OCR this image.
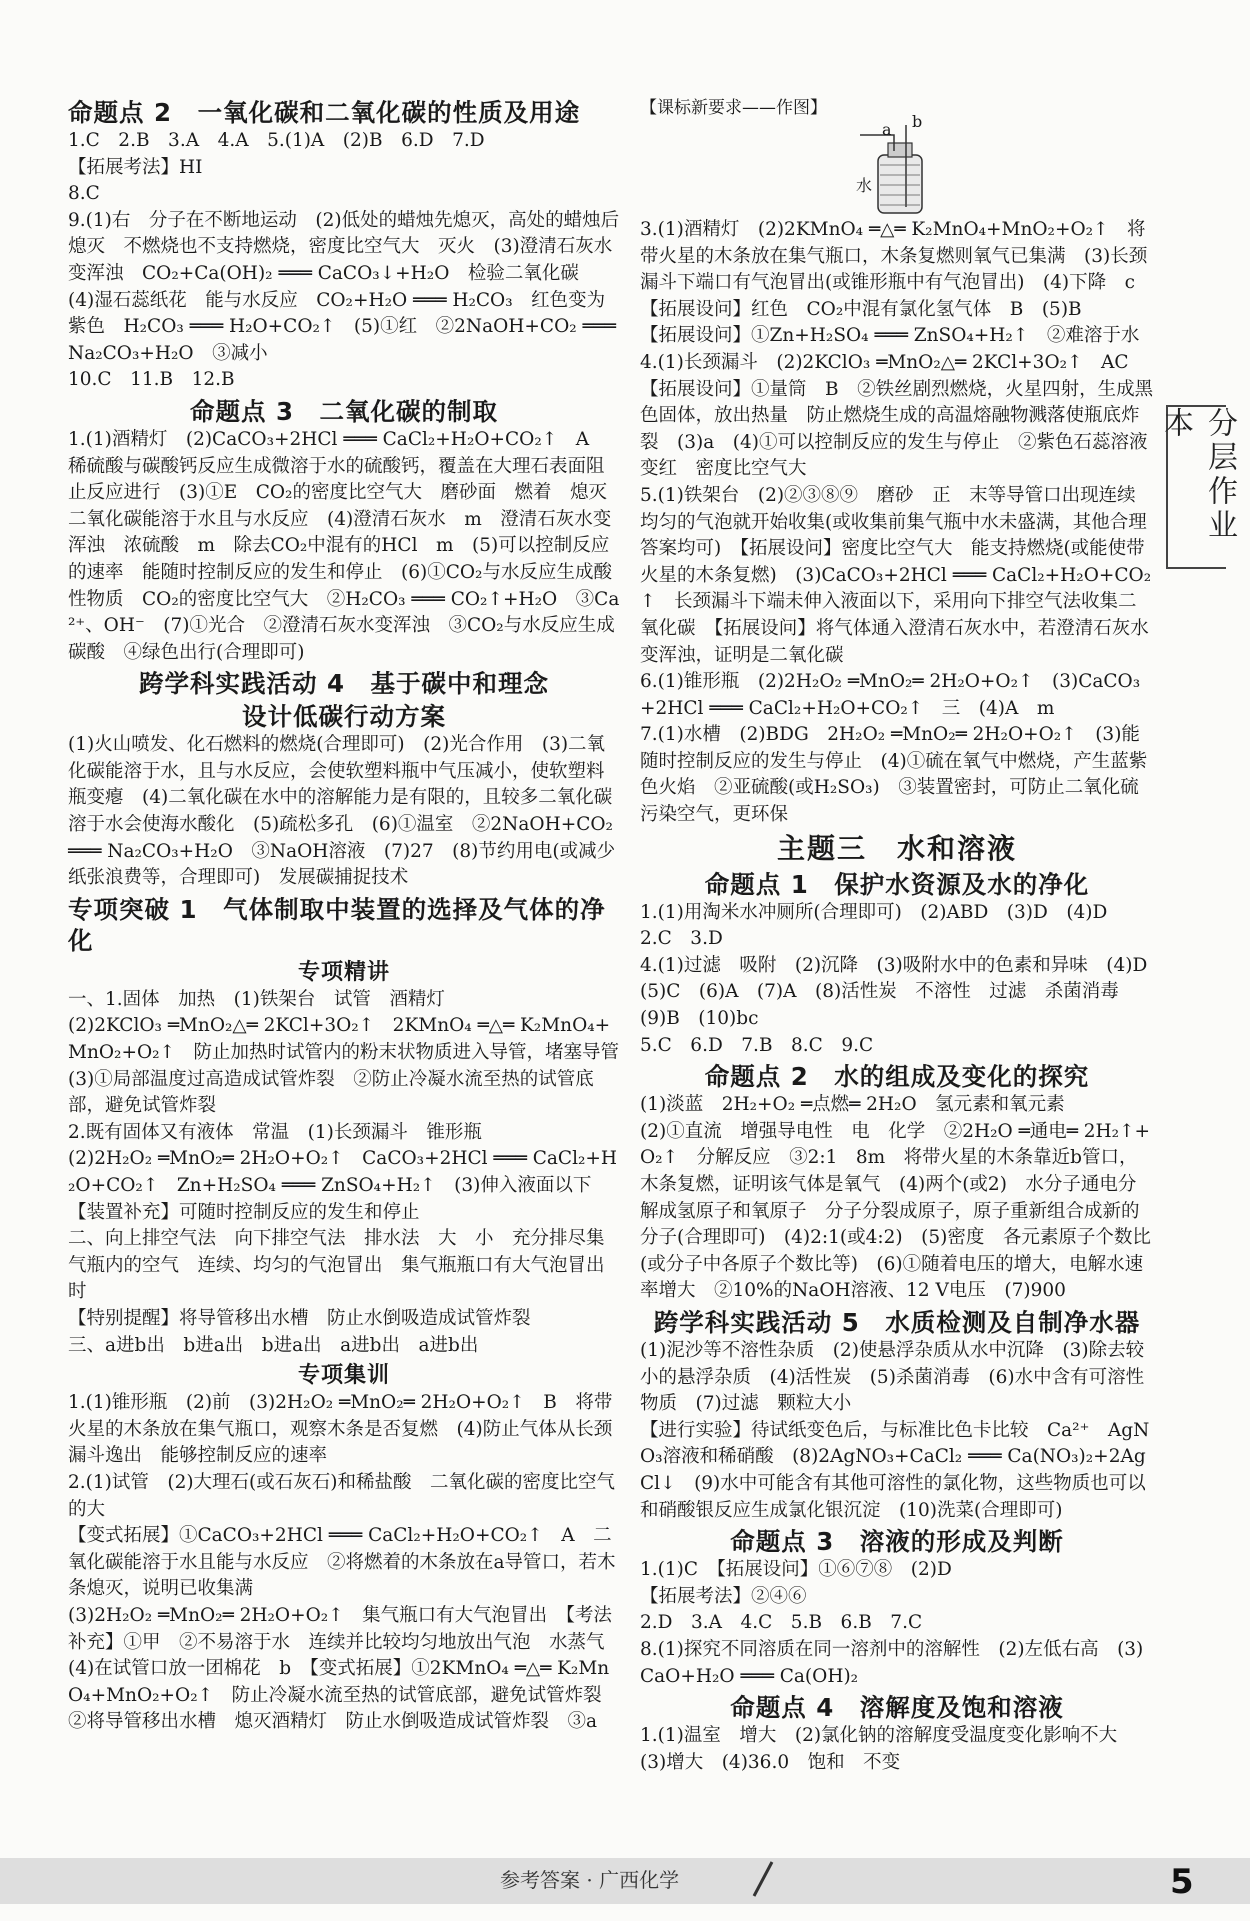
命题点 2　一氧化碳和二氧化碳的性质及用途

1.C　2.B　3.A　4.A　5.(1)A　(2)B　6.D　7.D

【拓展考法】HI

8.C

9.(1)右　分子在不断地运动　(2)低处的蜡烛先熄灭，高处的蜡烛后熄灭　不燃烧也不支持燃烧，密度比空气大　灭火　(3)澄清石灰水变浑浊　CO₂+Ca(OH)₂ ═══ CaCO₃↓+H₂O　检验二氧化碳　(4)湿石蕊纸花　能与水反应　CO₂+H₂O ═══ H₂CO₃　红色变为紫色　H₂CO₃ ═══ H₂O+CO₂↑　(5)①红　②2NaOH+CO₂ ═══ Na₂CO₃+H₂O　③减小

10.C　11.B　12.B

命题点 3　二氧化碳的制取

1.(1)酒精灯　(2)CaCO₃+2HCl ═══ CaCl₂+H₂O+CO₂↑　A　稀硫酸与碳酸钙反应生成微溶于水的硫酸钙，覆盖在大理石表面阻止反应进行　(3)①E　CO₂的密度比空气大　磨砂面　燃着　熄灭　二氧化碳能溶于水且与水反应　(4)澄清石灰水　m　澄清石灰水变浑浊　浓硫酸　m　除去CO₂中混有的HCl　m　(5)可以控制反应的速率　能随时控制反应的发生和停止　(6)①CO₂与水反应生成酸性物质　CO₂的密度比空气大　②H₂CO₃ ═══ CO₂↑+H₂O　③Ca²⁺、OH⁻　(7)①光合　②澄清石灰水变浑浊　③CO₂与水反应生成碳酸　④绿色出行(合理即可)

跨学科实践活动 4　基于碳中和理念
设计低碳行动方案

(1)火山喷发、化石燃料的燃烧(合理即可)　(2)光合作用　(3)二氧化碳能溶于水，且与水反应，会使软塑料瓶中气压减小，使软塑料瓶变瘪　(4)二氧化碳在水中的溶解能力是有限的，且较多二氧化碳溶于水会使海水酸化　(5)疏松多孔　(6)①温室　②2NaOH+CO₂ ═══ Na₂CO₃+H₂O　③NaOH溶液　(7)27　(8)节约用电(或减少纸张浪费等，合理即可)　发展碳捕捉技术

专项突破 1　气体制取中装置的选择及气体的净化
专项精讲

一、1.固体　加热　(1)铁架台　试管　酒精灯

(2)2KClO₃ ═MnO₂△═ 2KCl+3O₂↑　2KMnO₄ ═△═ K₂MnO₄+MnO₂+O₂↑　防止加热时试管内的粉末状物质进入导管，堵塞导管

(3)①局部温度过高造成试管炸裂　②防止冷凝水流至热的试管底部，避免试管炸裂

2.既有固体又有液体　常温　(1)长颈漏斗　锥形瓶

(2)2H₂O₂ ═MnO₂═ 2H₂O+O₂↑　CaCO₃+2HCl ═══ CaCl₂+H₂O+CO₂↑　Zn+H₂SO₄ ═══ ZnSO₄+H₂↑　(3)伸入液面以下

【装置补充】可随时控制反应的发生和停止

二、向上排空气法　向下排空气法　排水法　大　小　充分排尽集气瓶内的空气　连续、均匀的气泡冒出　集气瓶瓶口有大气泡冒出时

【特别提醒】将导管移出水槽　防止水倒吸造成试管炸裂

三、a进b出　b进a出　b进a出　a进b出　a进b出

专项集训

1.(1)锥形瓶　(2)前　(3)2H₂O₂ ═MnO₂═ 2H₂O+O₂↑　B　将带火星的木条放在集气瓶口，观察木条是否复燃　(4)防止气体从长颈漏斗逸出　能够控制反应的速率

2.(1)试管　(2)大理石(或石灰石)和稀盐酸　二氧化碳的密度比空气的大

【变式拓展】①CaCO₃+2HCl ═══ CaCl₂+H₂O+CO₂↑　A　二氧化碳能溶于水且能与水反应　②将燃着的木条放在a导管口，若木条熄灭，说明已收集满

(3)2H₂O₂ ═MnO₂═ 2H₂O+O₂↑　集气瓶口有大气泡冒出　【考法补充】①甲　②不易溶于水　连续并比较均匀地放出气泡　水蒸气

(4)在试管口放一团棉花　b　【变式拓展】①2KMnO₄ ═△═ K₂MnO₄+MnO₂+O₂↑　防止冷凝水流至热的试管底部，避免试管炸裂　②将导管移出水槽　熄灭酒精灯　防止水倒吸造成试管炸裂　③a

【课标新要求——作图】

a b
水

3.(1)酒精灯　(2)2KMnO₄ ═△═ K₂MnO₄+MnO₂+O₂↑　将带火星的木条放在集气瓶口，木条复燃则氧气已集满　(3)长颈漏斗下端口有气泡冒出(或锥形瓶中有气泡冒出)　(4)下降　c

【拓展设问】红色　CO₂中混有氯化氢气体　B　(5)B

【拓展设问】①Zn+H₂SO₄ ═══ ZnSO₄+H₂↑　②难溶于水

4.(1)长颈漏斗　(2)2KClO₃ ═MnO₂△═ 2KCl+3O₂↑　AC

【拓展设问】①量筒　B　②铁丝剧烈燃烧，火星四射，生成黑色固体，放出热量　防止燃烧生成的高温熔融物溅落使瓶底炸裂　(3)a　(4)①可以控制反应的发生与停止　②紫色石蕊溶液变红　密度比空气大

5.(1)铁架台　(2)②③⑧⑨　磨砂　正　末等导管口出现连续均匀的气泡就开始收集(或收集前集气瓶中水未盛满，其他合理答案均可)　【拓展设问】密度比空气大　能支持燃烧(或能使带火星的木条复燃)　(3)CaCO₃+2HCl ═══ CaCl₂+H₂O+CO₂↑　长颈漏斗下端未伸入液面以下，采用向下排空气法收集二氧化碳　【拓展设问】将气体通入澄清石灰水中，若澄清石灰水变浑浊，证明是二氧化碳

6.(1)锥形瓶　(2)2H₂O₂ ═MnO₂═ 2H₂O+O₂↑　(3)CaCO₃+2HCl ═══ CaCl₂+H₂O+CO₂↑　三　(4)A　m

7.(1)水槽　(2)BDG　2H₂O₂ ═MnO₂═ 2H₂O+O₂↑　(3)能随时控制反应的发生与停止　(4)①硫在氧气中燃烧，产生蓝紫色火焰　②亚硫酸(或H₂SO₃)　③装置密封，可防止二氧化硫污染空气，更环保

主题三　水和溶液
命题点 1　保护水资源及水的净化

1.(1)用淘米水冲厕所(合理即可)　(2)ABD　(3)D　(4)D

2.C　3.D

4.(1)过滤　吸附　(2)沉降　(3)吸附水中的色素和异味　(4)D　(5)C　(6)A　(7)A　(8)活性炭　不溶性　过滤　杀菌消毒　(9)B　(10)bc

5.C　6.D　7.B　8.C　9.C

命题点 2　水的组成及变化的探究

(1)淡蓝　2H₂+O₂ ═点燃═ 2H₂O　氢元素和氧元素

(2)①直流　增强导电性　电　化学　②2H₂O ═通电═ 2H₂↑+O₂↑　分解反应　③2:1　8m　将带火星的木条靠近b管口，木条复燃，证明该气体是氧气　(4)两个(或2)　水分子通电分解成氢原子和氧原子　分子分裂成原子，原子重新组合成新的分子(合理即可)　(4)2:1(或4:2)　(5)密度　各元素原子个数比(或分子中各原子个数比等)　(6)①随着电压的增大，电解水速率增大　②10%的NaOH溶液、12 V电压　(7)900

跨学科实践活动 5　水质检测及自制净水器

(1)泥沙等不溶性杂质　(2)使悬浮杂质从水中沉降　(3)除去较小的悬浮杂质　(4)活性炭　(5)杀菌消毒　(6)水中含有可溶性物质　(7)过滤　颗粒大小

【进行实验】待试纸变色后，与标准比色卡比较　Ca²⁺　AgNO₃溶液和稀硝酸　(8)2AgNO₃+CaCl₂ ═══ Ca(NO₃)₂+2AgCl↓　(9)水中可能含有其他可溶性的氯化物，这些物质也可以和硝酸银反应生成氯化银沉淀　(10)洗菜(合理即可)

命题点 3　溶液的形成及判断

1.(1)C　【拓展设问】①⑥⑦⑧　(2)D

【拓展考法】②④⑥

2.D　3.A　4.C　5.B　6.B　7.C

8.(1)探究不同溶质在同一溶剂中的溶解性　(2)左低右高　(3)CaO+H₂O ═══ Ca(OH)₂

命题点 4　溶解度及饱和溶液

1.(1)温室　增大　(2)氯化钠的溶解度受温度变化影响不大　(3)增大　(4)36.0　饱和　不变

分层作业本
参考答案 · 广西化学	5
